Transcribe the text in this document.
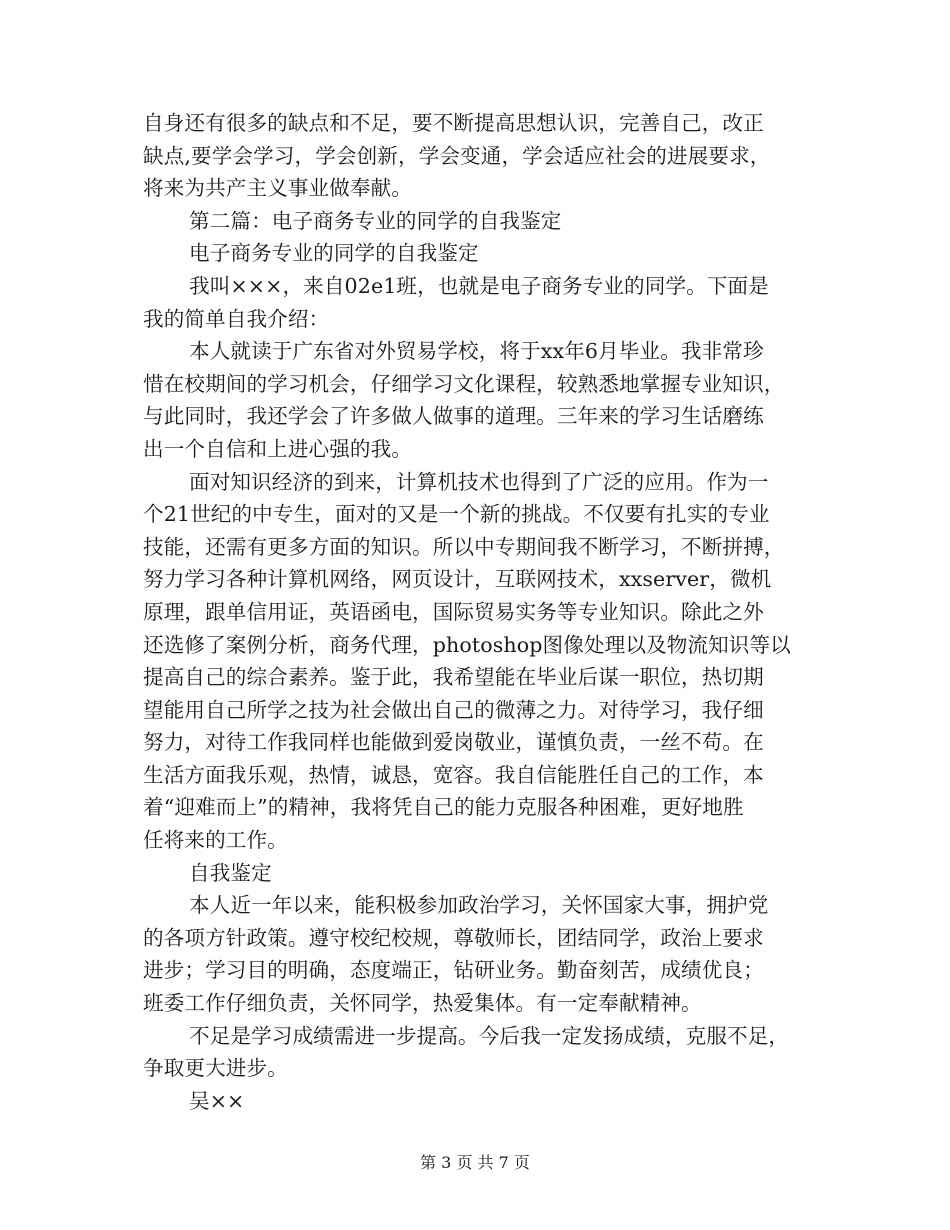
自身还有很多的缺点和不足，要不断提高思想认识，完善自己，改正
缺点,要学会学习，学会创新，学会变通，学会适应社会的进展要求，
将来为共产主义事业做奉献。
第二篇：电子商务专业的同学的自我鉴定
电子商务专业的同学的自我鉴定
我叫×××，来自02e1班，也就是电子商务专业的同学。下面是
我的简单自我介绍：
本人就读于广东省对外贸易学校，将于xx年6月毕业。我非常珍
惜在校期间的学习机会，仔细学习文化课程，较熟悉地掌握专业知识，
与此同时，我还学会了许多做人做事的道理。三年来的学习生话磨练
出一个自信和上进心强的我。
面对知识经济的到来，计算机技术也得到了广泛的应用。作为一
个21世纪的中专生，面对的又是一个新的挑战。不仅要有扎实的专业
技能，还需有更多方面的知识。所以中专期间我不断学习，不断拼搏，
努力学习各种计算机网络，网页设计，互联网技术，xxserver，微机
原理，跟单信用证，英语函电，国际贸易实务等专业知识。除此之外
还选修了案例分析，商务代理，photoshop图像处理以及物流知识等以
提高自己的综合素养。鉴于此，我希望能在毕业后谋一职位，热切期
望能用自己所学之技为社会做出自己的微薄之力。对待学习，我仔细
努力，对待工作我同样也能做到爱岗敬业，谨慎负责，一丝不苟。在
生活方面我乐观，热情，诚恳，宽容。我自信能胜任自己的工作，本
着“迎难而上”的精神，我将凭自己的能力克服各种困难，更好地胜
任将来的工作。
自我鉴定
本人近一年以来，能积极参加政治学习，关怀国家大事，拥护党
的各项方针政策。遵守校纪校规，尊敬师长，团结同学，政治上要求
进步；学习目的明确，态度端正，钻研业务。勤奋刻苦，成绩优良；
班委工作仔细负责，关怀同学，热爱集体。有一定奉献精神。
不足是学习成绩需进一步提高。今后我一定发扬成绩，克服不足，
争取更大进步。
吴××
第 3 页 共 7 页
